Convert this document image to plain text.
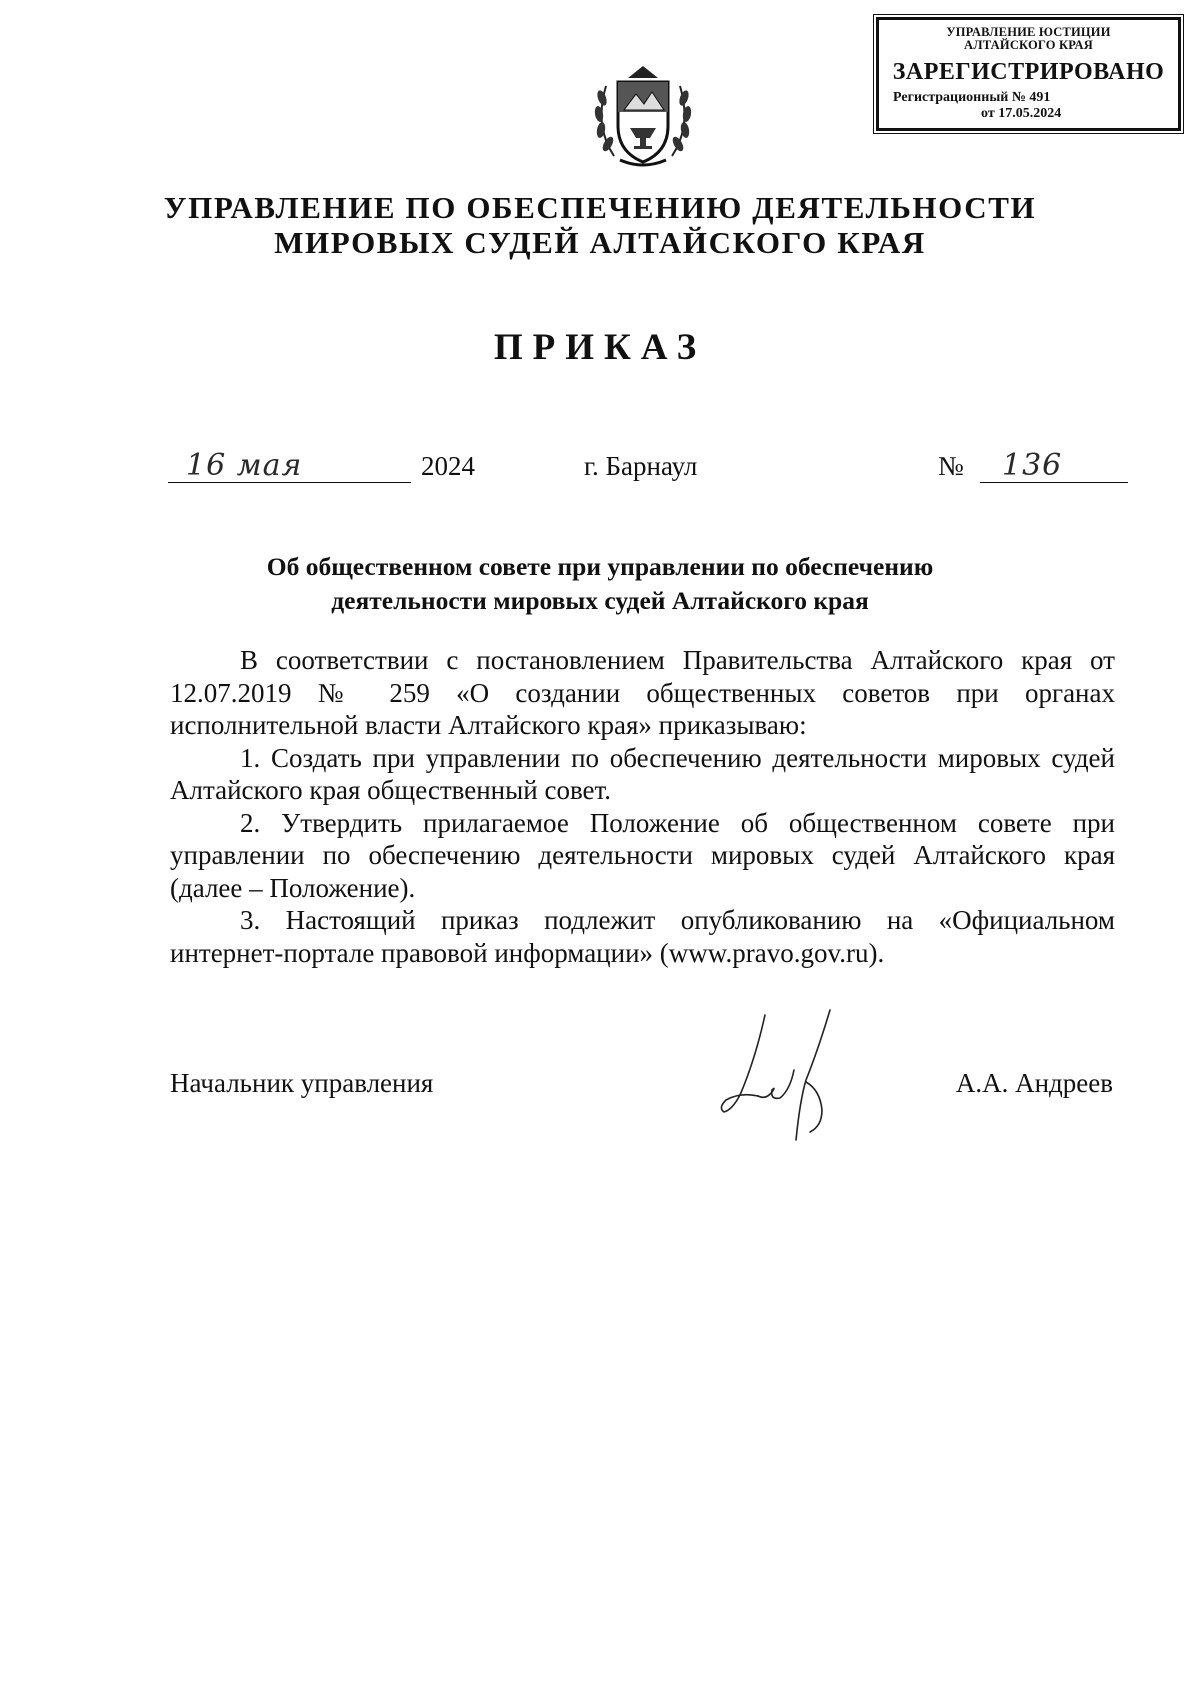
УПРАВЛЕНИЕ ЮСТИЦИИ
АЛТАЙСКОГО КРАЯ
ЗАРЕГИСТРИРОВАНО
Регистрационный № 491
от 17.05.2024
УПРАВЛЕНИЕ ПО ОБЕСПЕЧЕНИЮ ДЕЯТЕЛЬНОСТИ
МИРОВЫХ СУДЕЙ АЛТАЙСКОГО КРАЯ
ПРИКАЗ
16 мая	2024	г. Барнаул	№ 136
Об общественном совете при управлении по обеспечению
деятельности мировых судей Алтайского края

В соответствии с постановлением Правительства Алтайского края от 12.07.2019 № 259 «О создании общественных советов при органах исполнительной власти Алтайского края» приказываю:

1. Создать при управлении по обеспечению деятельности мировых судей Алтайского края общественный совет.

2. Утвердить прилагаемое Положение об общественном совете при управлении по обеспечению деятельности мировых судей Алтайского края (далее – Положение).

3. Настоящий приказ подлежит опубликованию на «Официальном интернет-портале правовой информации» (www.pravo.gov.ru).

Начальник управления	А.А. Андреев
